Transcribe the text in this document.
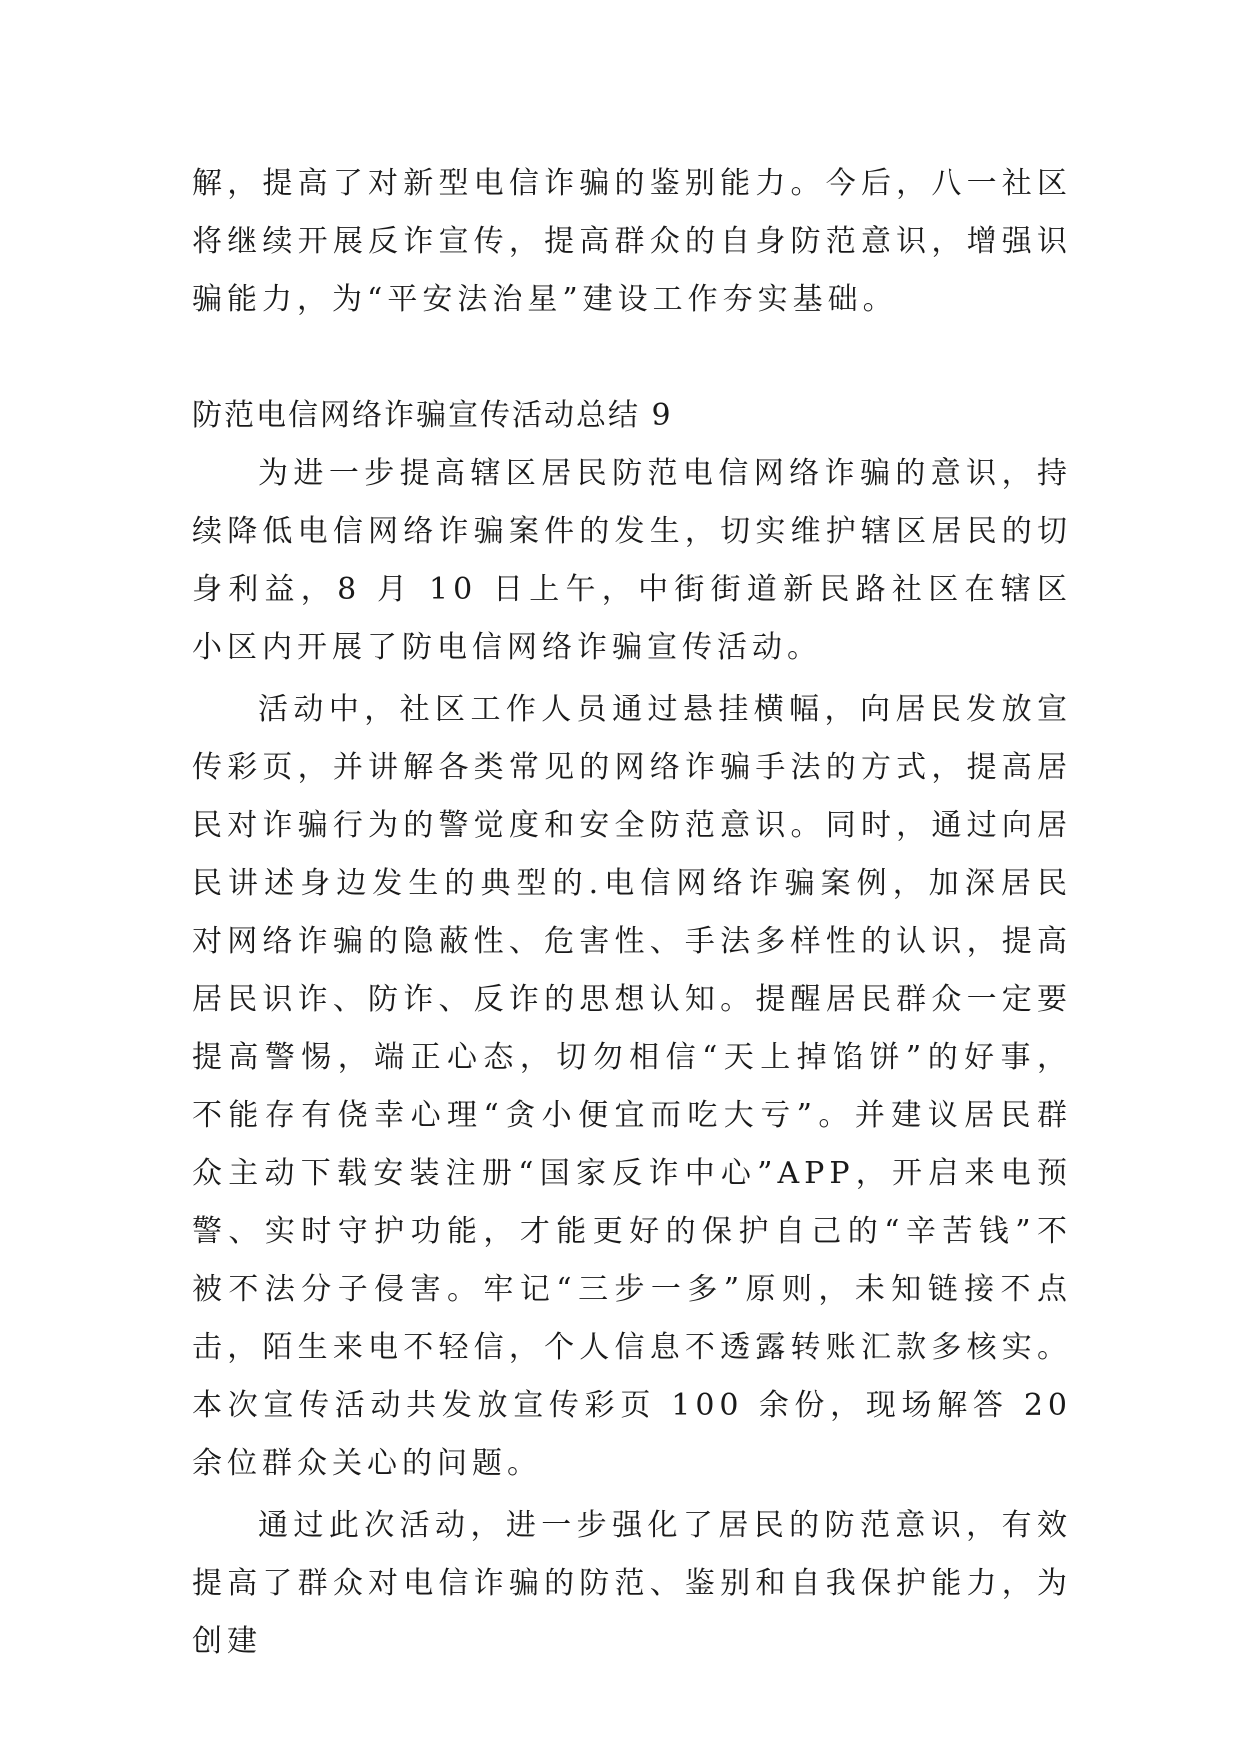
解，提高了对新型电信诈骗的鉴别能力。今后，八一社区将继续开展反诈宣传，提高群众的自身防范意识，增强识骗能力，为“平安法治星”建设工作夯实基础。

防范电信网络诈骗宣传活动总结 9

为进一步提高辖区居民防范电信网络诈骗的意识，持续降低电信网络诈骗案件的发生，切实维护辖区居民的切身利益，8 月 10 日上午，中街街道新民路社区在辖区小区内开展了防电信网络诈骗宣传活动。

活动中，社区工作人员通过悬挂横幅，向居民发放宣传彩页，并讲解各类常见的网络诈骗手法的方式，提高居民对诈骗行为的警觉度和安全防范意识。同时，通过向居民讲述身边发生的典型的.电信网络诈骗案例，加深居民对网络诈骗的隐蔽性、危害性、手法多样性的认识，提高居民识诈、防诈、反诈的思想认知。提醒居民群众一定要提高警惕，端正心态，切勿相信“天上掉馅饼”的好事，不能存有侥幸心理“贪小便宜而吃大亏”。并建议居民群众主动下载安装注册“国家反诈中心”APP，开启来电预警、实时守护功能，才能更好的保护自己的“辛苦钱”不被不法分子侵害。牢记“三步一多”原则，未知链接不点击，陌生来电不轻信，个人信息不透露转账汇款多核实。本次宣传活动共发放宣传彩页 100 余份，现场解答 20 余位群众关心的问题。

通过此次活动，进一步强化了居民的防范意识，有效提高了群众对电信诈骗的防范、鉴别和自我保护能力，为创建
